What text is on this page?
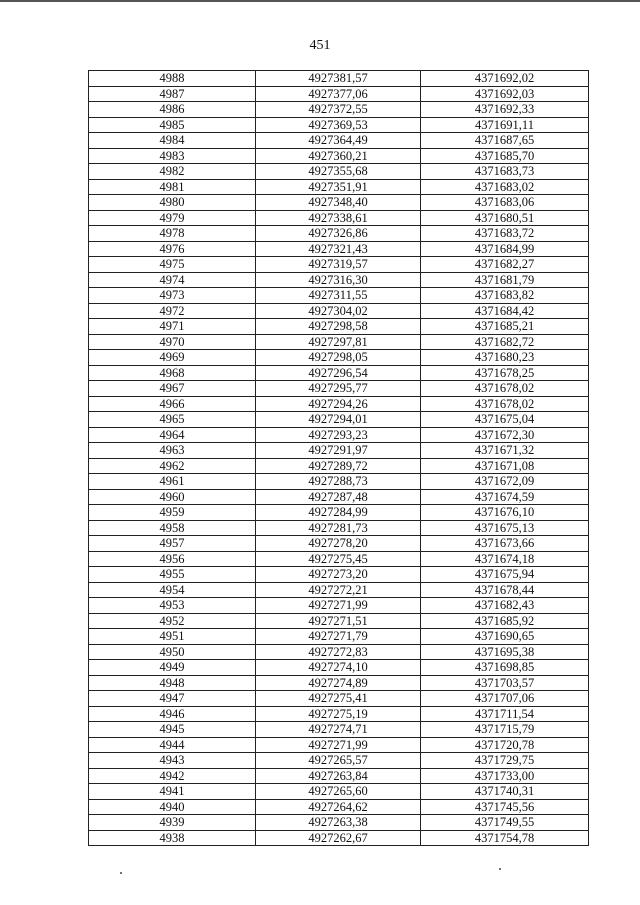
451
4988	4927381,57	4371692,02
4987	4927377,06	4371692,03
4986	4927372,55	4371692,33
4985	4927369,53	4371691,11
4984	4927364,49	4371687,65
4983	4927360,21	4371685,70
4982	4927355,68	4371683,73
4981	4927351,91	4371683,02
4980	4927348,40	4371683,06
4979	4927338,61	4371680,51
4978	4927326,86	4371683,72
4976	4927321,43	4371684,99
4975	4927319,57	4371682,27
4974	4927316,30	4371681,79
4973	4927311,55	4371683,82
4972	4927304,02	4371684,42
4971	4927298,58	4371685,21
4970	4927297,81	4371682,72
4969	4927298,05	4371680,23
4968	4927296,54	4371678,25
4967	4927295,77	4371678,02
4966	4927294,26	4371678,02
4965	4927294,01	4371675,04
4964	4927293,23	4371672,30
4963	4927291,97	4371671,32
4962	4927289,72	4371671,08
4961	4927288,73	4371672,09
4960	4927287,48	4371674,59
4959	4927284,99	4371676,10
4958	4927281,73	4371675,13
4957	4927278,20	4371673,66
4956	4927275,45	4371674,18
4955	4927273,20	4371675,94
4954	4927272,21	4371678,44
4953	4927271,99	4371682,43
4952	4927271,51	4371685,92
4951	4927271,79	4371690,65
4950	4927272,83	4371695,38
4949	4927274,10	4371698,85
4948	4927274,89	4371703,57
4947	4927275,41	4371707,06
4946	4927275,19	4371711,54
4945	4927274,71	4371715,79
4944	4927271,99	4371720,78
4943	4927265,57	4371729,75
4942	4927263,84	4371733,00
4941	4927265,60	4371740,31
4940	4927264,62	4371745,56
4939	4927263,38	4371749,55
4938	4927262,67	4371754,78
